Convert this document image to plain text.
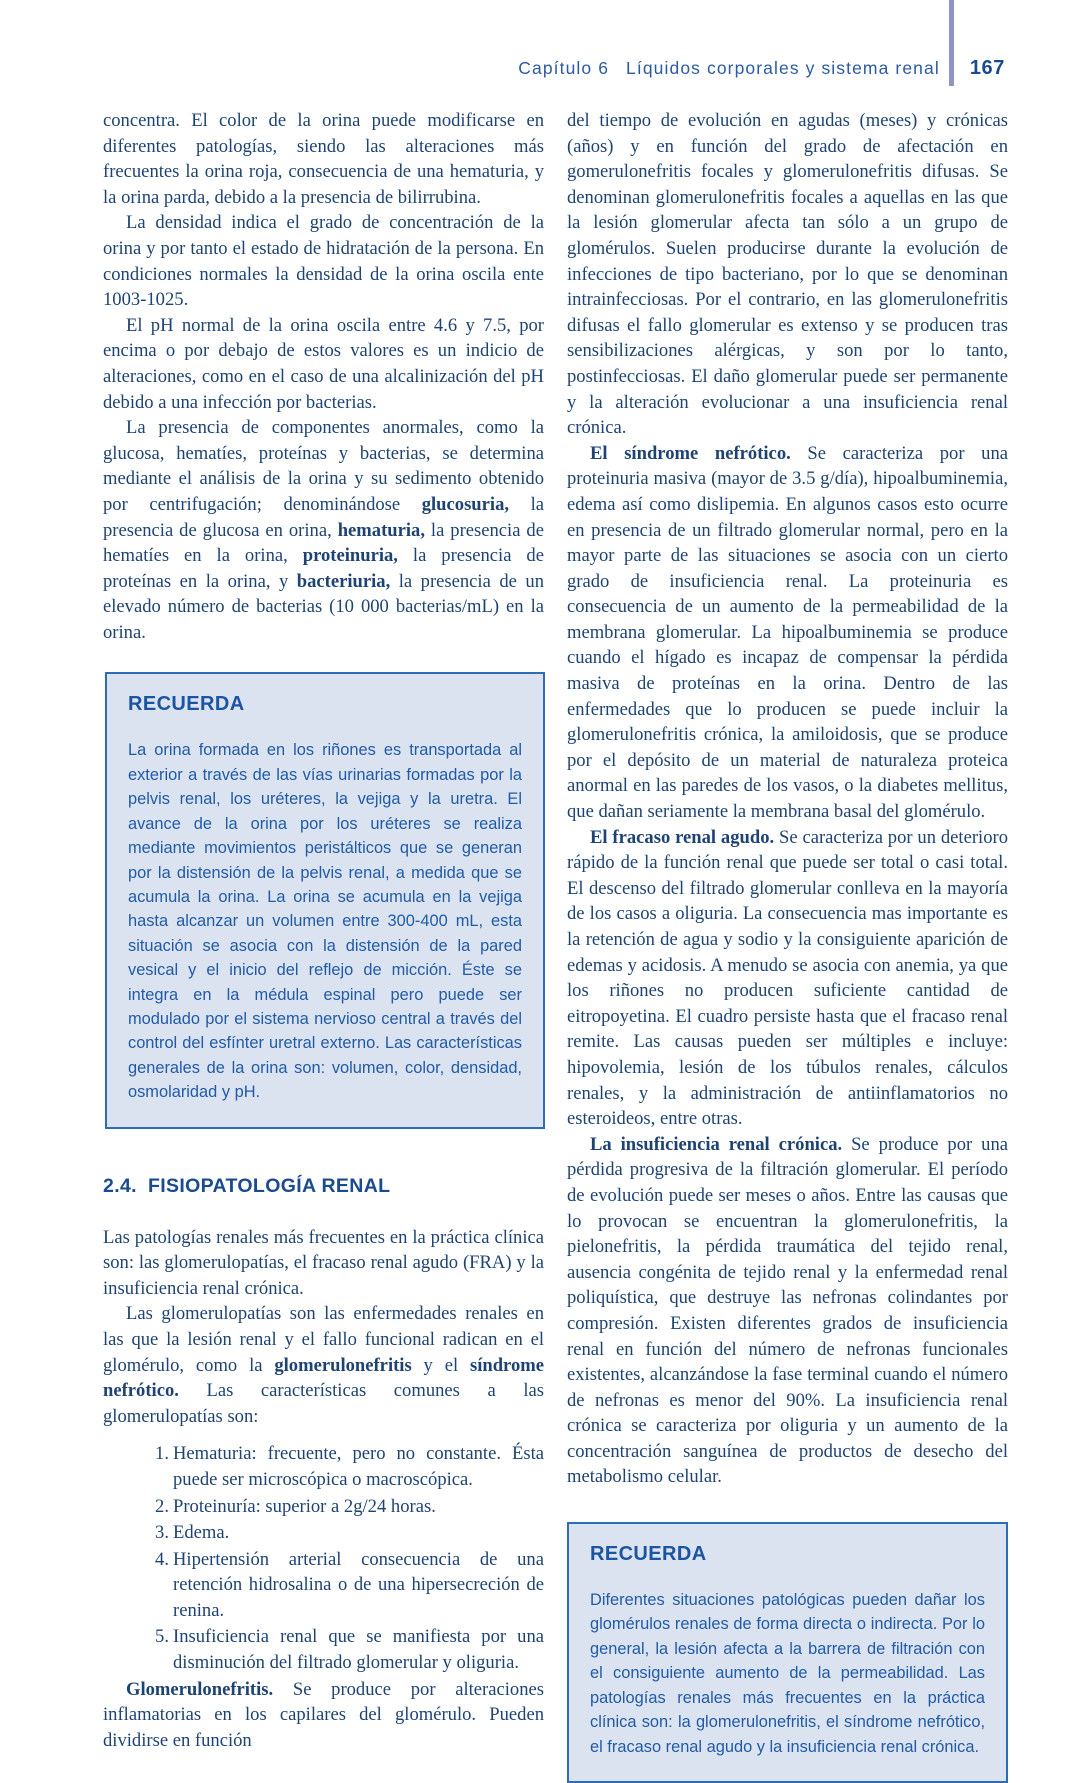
Capítulo 6 Líquidos corporales y sistema renal 167

concentra. El color de la orina puede modificarse en diferentes patologías, siendo las alteraciones más frecuentes la orina roja, consecuencia de una hematuria, y la orina parda, debido a la presencia de bilirrubina.

La densidad indica el grado de concentración de la orina y por tanto el estado de hidratación de la persona. En condiciones normales la densidad de la orina oscila ente 1003-1025.

El pH normal de la orina oscila entre 4.6 y 7.5, por encima o por debajo de estos valores es un indicio de alteraciones, como en el caso de una alcalinización del pH debido a una infección por bacterias.

La presencia de componentes anormales, como la glucosa, hematíes, proteínas y bacterias, se determina mediante el análisis de la orina y su sedimento obtenido por centrifugación; denominándose glucosuria, la presencia de glucosa en orina, hematuria, la presencia de hematíes en la orina, proteinuria, la presencia de proteínas en la orina, y bacteriuria, la presencia de un elevado número de bacterias (10 000 bacterias/mL) en la orina.

RECUERDA

La orina formada en los riñones es transportada al exterior a través de las vías urinarias formadas por la pelvis renal, los uréteres, la vejiga y la uretra. El avance de la orina por los uréteres se realiza mediante movimientos peristálticos que se generan por la distensión de la pelvis renal, a medida que se acumula la orina. La orina se acumula en la vejiga hasta alcanzar un volumen entre 300-400 mL, esta situación se asocia con la distensión de la pared vesical y el inicio del reflejo de micción. Éste se integra en la médula espinal pero puede ser modulado por el sistema nervioso central a través del control del esfínter uretral externo. Las características generales de la orina son: volumen, color, densidad, osmolaridad y pH.

2.4. FISIOPATOLOGÍA RENAL

Las patologías renales más frecuentes en la práctica clínica son: las glomerulopatías, el fracaso renal agudo (FRA) y la insuficiencia renal crónica.

Las glomerulopatías son las enfermedades renales en las que la lesión renal y el fallo funcional radican en el glomérulo, como la glomerulonefritis y el síndrome nefrótico. Las características comunes a las glomerulopatías son:

Hematuria: frecuente, pero no constante. Ésta puede ser microscópica o macroscópica.
Proteinuría: superior a 2g/24 horas.
Edema.
Hipertensión arterial consecuencia de una retención hidrosalina o de una hipersecreción de renina.
Insuficiencia renal que se manifiesta por una disminución del filtrado glomerular y oliguria.

Glomerulonefritis. Se produce por alteraciones inflamatorias en los capilares del glomérulo. Pueden dividirse en función

del tiempo de evolución en agudas (meses) y crónicas (años) y en función del grado de afectación en gomerulonefritis focales y glomerulonefritis difusas. Se denominan glomerulonefritis focales a aquellas en las que la lesión glomerular afecta tan sólo a un grupo de glomérulos. Suelen producirse durante la evolución de infecciones de tipo bacteriano, por lo que se denominan intrainfecciosas. Por el contrario, en las glomerulonefritis difusas el fallo glomerular es extenso y se producen tras sensibilizaciones alérgicas, y son por lo tanto, postinfecciosas. El daño glomerular puede ser permanente y la alteración evolucionar a una insuficiencia renal crónica.

El síndrome nefrótico. Se caracteriza por una proteinuria masiva (mayor de 3.5 g/día), hipoalbuminemia, edema así como dislipemia. En algunos casos esto ocurre en presencia de un filtrado glomerular normal, pero en la mayor parte de las situaciones se asocia con un cierto grado de insuficiencia renal. La proteinuria es consecuencia de un aumento de la permeabilidad de la membrana glomerular. La hipoalbuminemia se produce cuando el hígado es incapaz de compensar la pérdida masiva de proteínas en la orina. Dentro de las enfermedades que lo producen se puede incluir la glomerulonefritis crónica, la amiloidosis, que se produce por el depósito de un material de naturaleza proteica anormal en las paredes de los vasos, o la diabetes mellitus, que dañan seriamente la membrana basal del glomérulo.

El fracaso renal agudo. Se caracteriza por un deterioro rápido de la función renal que puede ser total o casi total. El descenso del filtrado glomerular conlleva en la mayoría de los casos a oliguria. La consecuencia mas importante es la retención de agua y sodio y la consiguiente aparición de edemas y acidosis. A menudo se asocia con anemia, ya que los riñones no producen suficiente cantidad de eitropoyetina. El cuadro persiste hasta que el fracaso renal remite. Las causas pueden ser múltiples e incluye: hipovolemia, lesión de los túbulos renales, cálculos renales, y la administración de antiinflamatorios no esteroideos, entre otras.

La insuficiencia renal crónica. Se produce por una pérdida progresiva de la filtración glomerular. El período de evolución puede ser meses o años. Entre las causas que lo provocan se encuentran la glomerulonefritis, la pielonefritis, la pérdida traumática del tejido renal, ausencia congénita de tejido renal y la enfermedad renal poliquística, que destruye las nefronas colindantes por compresión. Existen diferentes grados de insuficiencia renal en función del número de nefronas funcionales existentes, alcanzándose la fase terminal cuando el número de nefronas es menor del 90%. La insuficiencia renal crónica se caracteriza por oliguria y un aumento de la concentración sanguínea de productos de desecho del metabolismo celular.

RECUERDA

Diferentes situaciones patológicas pueden dañar los glomérulos renales de forma directa o indirecta. Por lo general, la lesión afecta a la barrera de filtración con el consiguiente aumento de la permeabilidad. Las patologías renales más frecuentes en la práctica clínica son: la glomerulonefritis, el síndrome nefrótico, el fracaso renal agudo y la insuficiencia renal crónica.
